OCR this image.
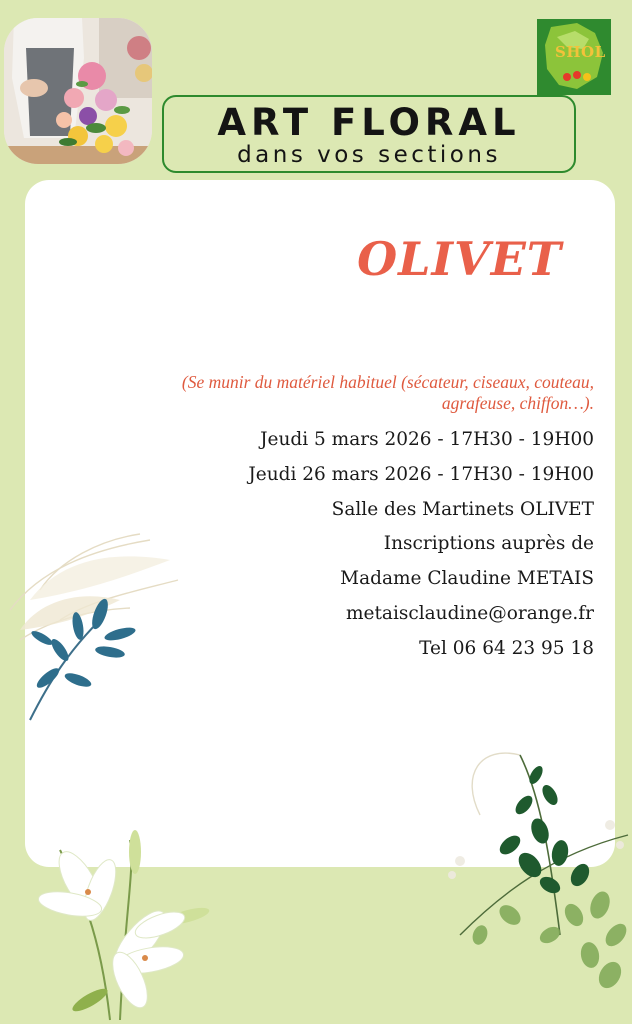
SHOL
ART FLORAL
dans vos sections
OLIVET
(Se munir du matériel habituel (sécateur, ciseaux, couteau,
agrafeuse, chiffon…).
Jeudi 5 mars 2026 - 17H30 - 19H00
Jeudi 26 mars 2026 - 17H30 - 19H00
Salle des Martinets OLIVET
Inscriptions auprès de
Madame Claudine METAIS
metaisclaudine@orange.fr
Tel 06 64 23 95 18
